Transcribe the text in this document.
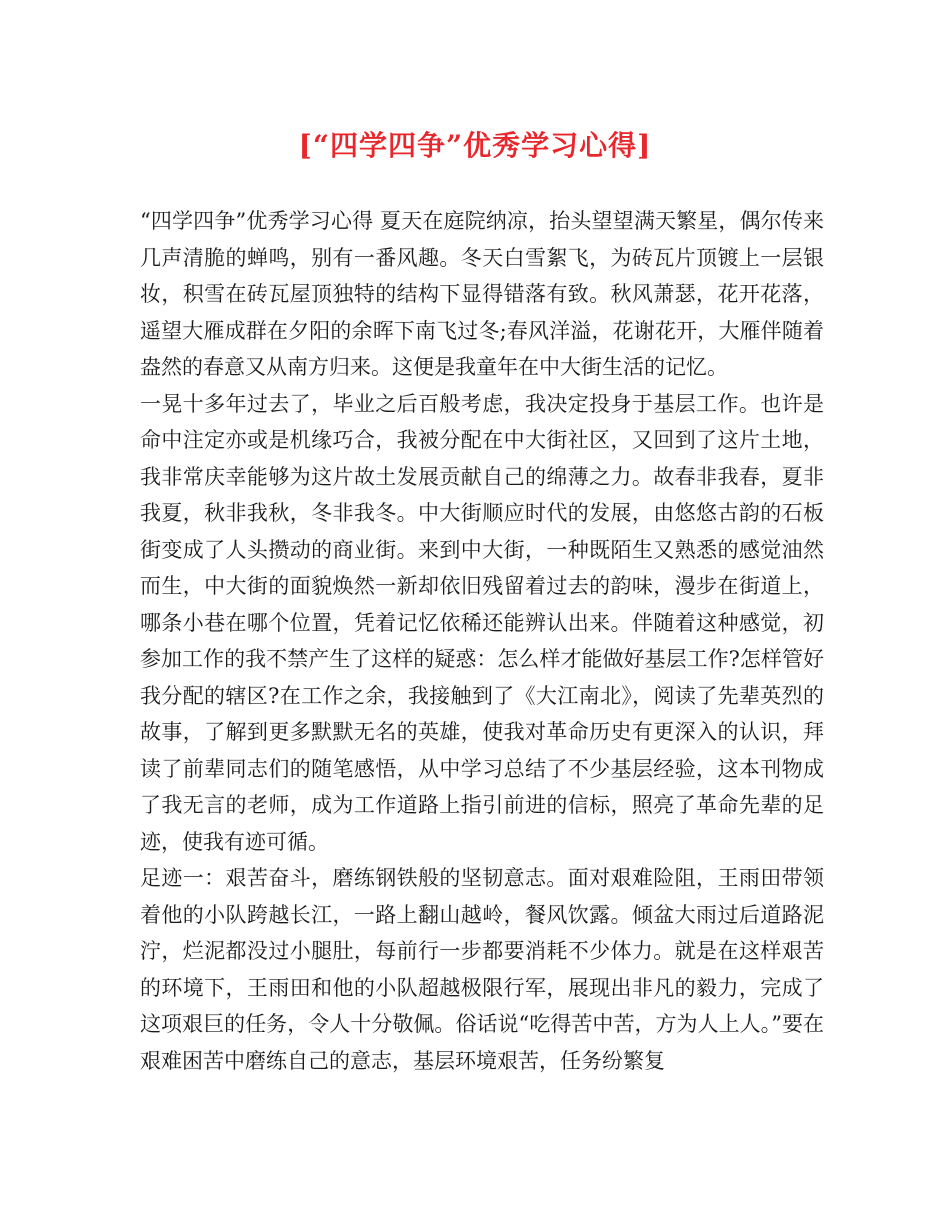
[“四学四争”优秀学习心得]

“四学四争”优秀学习心得 夏天在庭院纳凉，抬头望望满天繁星，偶尔传来几声清脆的蝉鸣，别有一番风趣。冬天白雪絮飞，为砖瓦片顶镀上一层银妆，积雪在砖瓦屋顶独特的结构下显得错落有致。秋风萧瑟，花开花落，遥望大雁成群在夕阳的余晖下南飞过冬;春风洋溢，花谢花开，大雁伴随着盎然的春意又从南方归来。这便是我童年在中大街生活的记忆。

一晃十多年过去了，毕业之后百般考虑，我决定投身于基层工作。也许是命中注定亦或是机缘巧合，我被分配在中大街社区，又回到了这片土地，我非常庆幸能够为这片故土发展贡献自己的绵薄之力。故春非我春，夏非我夏，秋非我秋，冬非我冬。中大街顺应时代的发展，由悠悠古韵的石板街变成了人头攒动的商业街。来到中大街，一种既陌生又熟悉的感觉油然而生，中大街的面貌焕然一新却依旧残留着过去的韵味，漫步在街道上，哪条小巷在哪个位置，凭着记忆依稀还能辨认出来。伴随着这种感觉，初参加工作的我不禁产生了这样的疑惑：怎么样才能做好基层工作?怎样管好我分配的辖区?在工作之余，我接触到了《大江南北》，阅读了先辈英烈的故事，了解到更多默默无名的英雄，使我对革命历史有更深入的认识，拜读了前辈同志们的随笔感悟，从中学习总结了不少基层经验，这本刊物成了我无言的老师，成为工作道路上指引前进的信标，照亮了革命先辈的足迹，使我有迹可循。

足迹一：艰苦奋斗，磨练钢铁般的坚韧意志。面对艰难险阻，王雨田带领着他的小队跨越长江，一路上翻山越岭，餐风饮露。倾盆大雨过后道路泥泞，烂泥都没过小腿肚，每前行一步都要消耗不少体力。就是在这样艰苦的环境下，王雨田和他的小队超越极限行军，展现出非凡的毅力，完成了这项艰巨的任务，令人十分敬佩。俗话说“吃得苦中苦，方为人上人。”要在艰难困苦中磨练自己的意志，基层环境艰苦，任务纷繁复
